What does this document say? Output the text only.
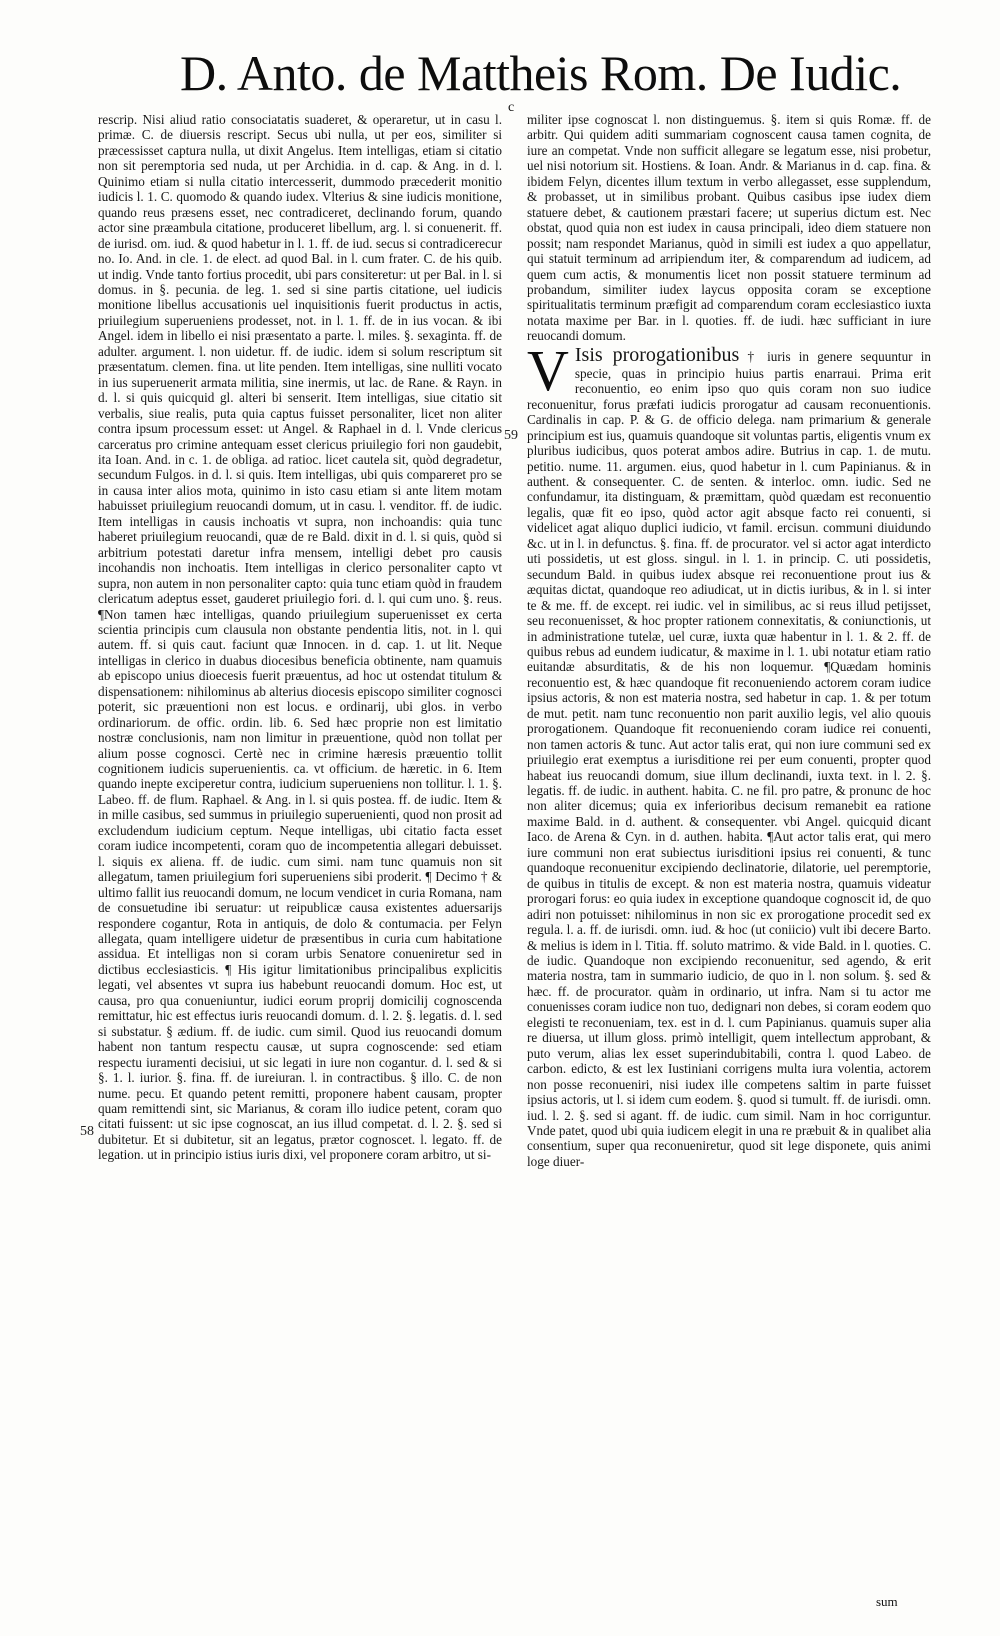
D. Anto. de Mattheis Rom. De Iudic.
c
59
58

rescrip. Nisi aliud ratio consociatatis suaderet, & operaretur, ut in casu l. primæ. C. de diuersis rescript. Secus ubi nulla, ut per eos, similiter si præcessisset captura nulla, ut dixit Angelus. Item intelligas, etiam si citatio non sit peremptoria sed nuda, ut per Archidia. in d. cap. & Ang. in d. l. Quinimo etiam si nulla citatio intercesserit, dummodo præcederit monitio iudicis l. 1. C. quomodo & quando iudex. Vlterius & sine iudicis monitione, quando reus præsens esset, nec contradiceret, declinando forum, quando actor sine præambula citatione, produceret libellum, arg. l. si conuenerit. ff. de iurisd. om. iud. & quod habetur in l. 1. ff. de iud. secus si contradicerecur no. Io. And. in cle. 1. de elect. ad quod Bal. in l. cum frater. C. de his quib. ut indig. Vnde tanto fortius procedit, ubi pars consiteretur: ut per Bal. in l. si domus. in §. pecunia. de leg. 1. sed si sine partis citatione, uel iudicis monitione libellus accusationis uel inquisitionis fuerit productus in actis, priuilegium superueniens prodesset, not. in l. 1. ff. de in ius vocan. & ibi Angel. idem in libello ei nisi præsentato a parte. l. miles. §. sexaginta. ff. de adulter. argument. l. non uidetur. ff. de iudic. idem si solum rescriptum sit præsentatum. clemen. fina. ut lite penden. Item intelligas, sine nulliti vocato in ius superuenerit armata militia, sine inermis, ut lac. de Rane. & Rayn. in d. l. si quis quicquid gl. alteri bi senserit. Item intelligas, siue citatio sit verbalis, siue realis, puta quia captus fuisset personaliter, licet non aliter contra ipsum processum esset: ut Angel. & Raphael in d. l. Vnde clericus carceratus pro crimine antequam esset clericus priuilegio fori non gaudebit, ita Ioan. And. in c. 1. de obliga. ad ratioc. licet cautela sit, quòd degradetur, secundum Fulgos. in d. l. si quis. Item intelligas, ubi quis compareret pro se in causa inter alios mota, quinimo in isto casu etiam si ante litem motam habuisset priuilegium reuocandi domum, ut in casu. l. venditor. ff. de iudic. Item intelligas in causis inchoatis vt supra, non inchoandis: quia tunc haberet priuilegium reuocandi, quæ de re Bald. dixit in d. l. si quis, quòd si arbitrium potestati daretur infra mensem, intelligi debet pro causis incohandis non inchoatis. Item intelligas in clerico personaliter capto vt supra, non autem in non personaliter capto: quia tunc etiam quòd in fraudem clericatum adeptus esset, gauderet priuilegio fori. d. l. qui cum uno. §. reus. ¶Non tamen hæc intelligas, quando priuilegium superuenisset ex certa scientia principis cum clausula non obstante pendentia litis, not. in l. qui autem. ff. si quis caut. faciunt quæ Innocen. in d. cap. 1. ut lit. Neque intelligas in clerico in duabus diocesibus beneficia obtinente, nam quamuis ab episcopo unius dioecesis fuerit præuentus, ad hoc ut ostendat titulum & dispensationem: nihilominus ab alterius diocesis episcopo similiter cognosci poterit, sic præuentioni non est locus. e ordinarij, ubi glos. in verbo ordinariorum. de offic. ordin. lib. 6. Sed hæc proprie non est limitatio nostræ conclusionis, nam non limitur in præuentione, quòd non tollat per alium posse cognosci. Certè nec in crimine hæresis præuentio tollit cognitionem iudicis superuenientis. ca. vt officium. de hæretic. in 6. Item quando inepte exciperetur contra, iudicium superueniens non tollitur. l. 1. §. Labeo. ff. de flum. Raphael. & Ang. in l. si quis postea. ff. de iudic. Item & in mille casibus, sed summus in priuilegio superuenienti, quod non prosit ad excludendum iudicium ceptum. Neque intelligas, ubi citatio facta esset coram iudice incompetenti, coram quo de incompetentia allegari debuisset. l. siquis ex aliena. ff. de iudic. cum simi. nam tunc quamuis non sit allegatum, tamen priuilegium fori superueniens sibi proderit. ¶ Decimo † & ultimo fallit ius reuocandi domum, ne locum vendicet in curia Romana, nam de consuetudine ibi seruatur: ut reipublicæ causa existentes aduersarijs respondere cogantur, Rota in antiquis, de dolo & contumacia. per Felyn allegata, quam intelligere uidetur de præsentibus in curia cum habitatione assidua. Et intelligas non si coram urbis Senatore conueniretur sed in dictibus ecclesiasticis. ¶ His igitur limitationibus principalibus explicitis legati, vel absentes vt supra ius habebunt reuocandi domum. Hoc est, ut causa, pro qua conueniuntur, iudici eorum proprij domicilij cognoscenda remittatur, hic est effectus iuris reuocandi domum. d. l. 2. §. legatis. d. l. sed si substatur. § ædium. ff. de iudic. cum simil. Quod ius reuocandi domum habent non tantum respectu causæ, ut supra cognoscende: sed etiam respectu iuramenti decisiui, ut sic legati in iure non cogantur. d. l. sed & si §. 1. l. iurior. §. fina. ff. de iureiuran. l. in contractibus. § illo. C. de non nume. pecu. Et quando petent remitti, proponere habent causam, propter quam remittendi sint, sic Marianus, & coram illo iudice petent, coram quo citati fuissent: ut sic ipse cognoscat, an ius illud competat. d. l. 2. §. sed si dubitetur. Et si dubitetur, sit an legatus, prætor cognoscet. l. legato. ff. de legation. ut in principio istius iuris dixi, vel proponere coram arbitro, ut si-

militer ipse cognoscat l. non distinguemus. §. item si quis Romæ. ff. de arbitr. Qui quidem aditi summariam cognoscent causa tamen cognita, de iure an competat. Vnde non sufficit allegare se legatum esse, nisi probetur, uel nisi notorium sit. Hostiens. & Ioan. Andr. & Marianus in d. cap. fina. & ibidem Felyn, dicentes illum textum in verbo allegasset, esse supplendum, & probasset, ut in similibus probant. Quibus casibus ipse iudex diem statuere debet, & cautionem præstari facere; ut superius dictum est. Nec obstat, quod quia non est iudex in causa principali, ideo diem statuere non possit; nam respondet Marianus, quòd in simili est iudex a quo appellatur, qui statuit terminum ad arripiendum iter, & comparendum ad iudicem, ad quem cum actis, & monumentis licet non possit statuere terminum ad probandum, similiter iudex laycus opposita coram se exceptione spiritualitatis terminum præfigit ad comparendum coram ecclesiastico iuxta notata maxime per Bar. in l. quoties. ff. de iudi. hæc sufficiant in iure reuocandi domum.

V Isis prorogationibus † iuris in genere sequuntur in specie, quas in principio huius partis enarraui. Prima erit reconuentio, eo enim ipso quo quis coram non suo iudice reconuenitur, forus præfati iudicis prorogatur ad causam reconuentionis. Cardinalis in cap. P. & G. de officio delega. nam primarium & generale principium est ius, quamuis quandoque sit voluntas partis, eligentis vnum ex pluribus iudicibus, quos poterat ambos adire. Butrius in cap. 1. de mutu. petitio. nume. 11. argumen. eius, quod habetur in l. cum Papinianus. & in authent. & consequenter. C. de senten. & interloc. omn. iudic. Sed ne confundamur, ita distinguam, & præmittam, quòd quædam est reconuentio legalis, quæ fit eo ipso, quòd actor agit absque facto rei conuenti, si videlicet agat aliquo duplici iudicio, vt famil. ercisun. communi diuidundo &c. ut in l. in defunctus. §. fina. ff. de procurator. vel si actor agat interdicto uti possidetis, ut est gloss. singul. in l. 1. in princip. C. uti possidetis, secundum Bald. in quibus iudex absque rei reconuentione prout ius & æquitas dictat, quandoque reo adiudicat, ut in dictis iuribus, & in l. si inter te & me. ff. de except. rei iudic. vel in similibus, ac si reus illud petijsset, seu reconuenisset, & hoc propter rationem connexitatis, & coniunctionis, ut in administratione tutelæ, uel curæ, iuxta quæ habentur in l. 1. & 2. ff. de quibus rebus ad eundem iudicatur, & maxime in l. 1. ubi notatur etiam ratio euitandæ absurditatis, & de his non loquemur. ¶Quædam hominis reconuentio est, & hæc quandoque fit reconueniendo actorem coram iudice ipsius actoris, & non est materia nostra, sed habetur in cap. 1. & per totum de mut. petit. nam tunc reconuentio non parit auxilio legis, vel alio quouis prorogationem. Quandoque fit reconueniendo coram iudice rei conuenti, non tamen actoris & tunc. Aut actor talis erat, qui non iure communi sed ex priuilegio erat exemptus a iurisditione rei per eum conuenti, propter quod habeat ius reuocandi domum, siue illum declinandi, iuxta text. in l. 2. §. legatis. ff. de iudic. in authent. habita. C. ne fil. pro patre, & pronunc de hoc non aliter dicemus; quia ex inferioribus decisum remanebit ea ratione maxime Bald. in d. authent. & consequenter. vbi Angel. quicquid dicant Iaco. de Arena & Cyn. in d. authen. habita. ¶Aut actor talis erat, qui mero iure communi non erat subiectus iurisditioni ipsius rei conuenti, & tunc quandoque reconuenitur excipiendo declinatorie, dilatorie, uel peremptorie, de quibus in titulis de except. & non est materia nostra, quamuis videatur prorogari forus: eo quia iudex in exceptione quandoque cognoscit id, de quo adiri non potuisset: nihilominus in non sic ex prorogatione procedit sed ex regula. l. a. ff. de iurisdi. omn. iud. & hoc (ut coniicio) vult ibi decere Barto. & melius is idem in l. Titia. ff. soluto matrimo. & vide Bald. in l. quoties. C. de iudic. Quandoque non excipiendo reconuenitur, sed agendo, & erit materia nostra, tam in summario iudicio, de quo in l. non solum. §. sed & hæc. ff. de procurator. quàm in ordinario, ut infra. Nam si tu actor me conuenisses coram iudice non tuo, dedignari non debes, si coram eodem quo elegisti te reconueniam, tex. est in d. l. cum Papinianus. quamuis super alia re diuersa, ut illum gloss. primò intelligit, quem intellectum approbant, & puto verum, alias lex esset superindubitabili, contra l. quod Labeo. de carbon. edicto, & est lex Iustiniani corrigens multa iura volentia, actorem non posse reconueniri, nisi iudex ille competens saltim in parte fuisset ipsius actoris, ut l. si idem cum eodem. §. quod si tumult. ff. de iurisdi. omn. iud. l. 2. §. sed si agant. ff. de iudic. cum simil. Nam in hoc corriguntur. Vnde patet, quod ubi quia iudicem elegit in una re præbuit & in qualibet alia consentium, super qua reconueniretur, quod sit lege disponete, quis animi loge diuer-

sum
